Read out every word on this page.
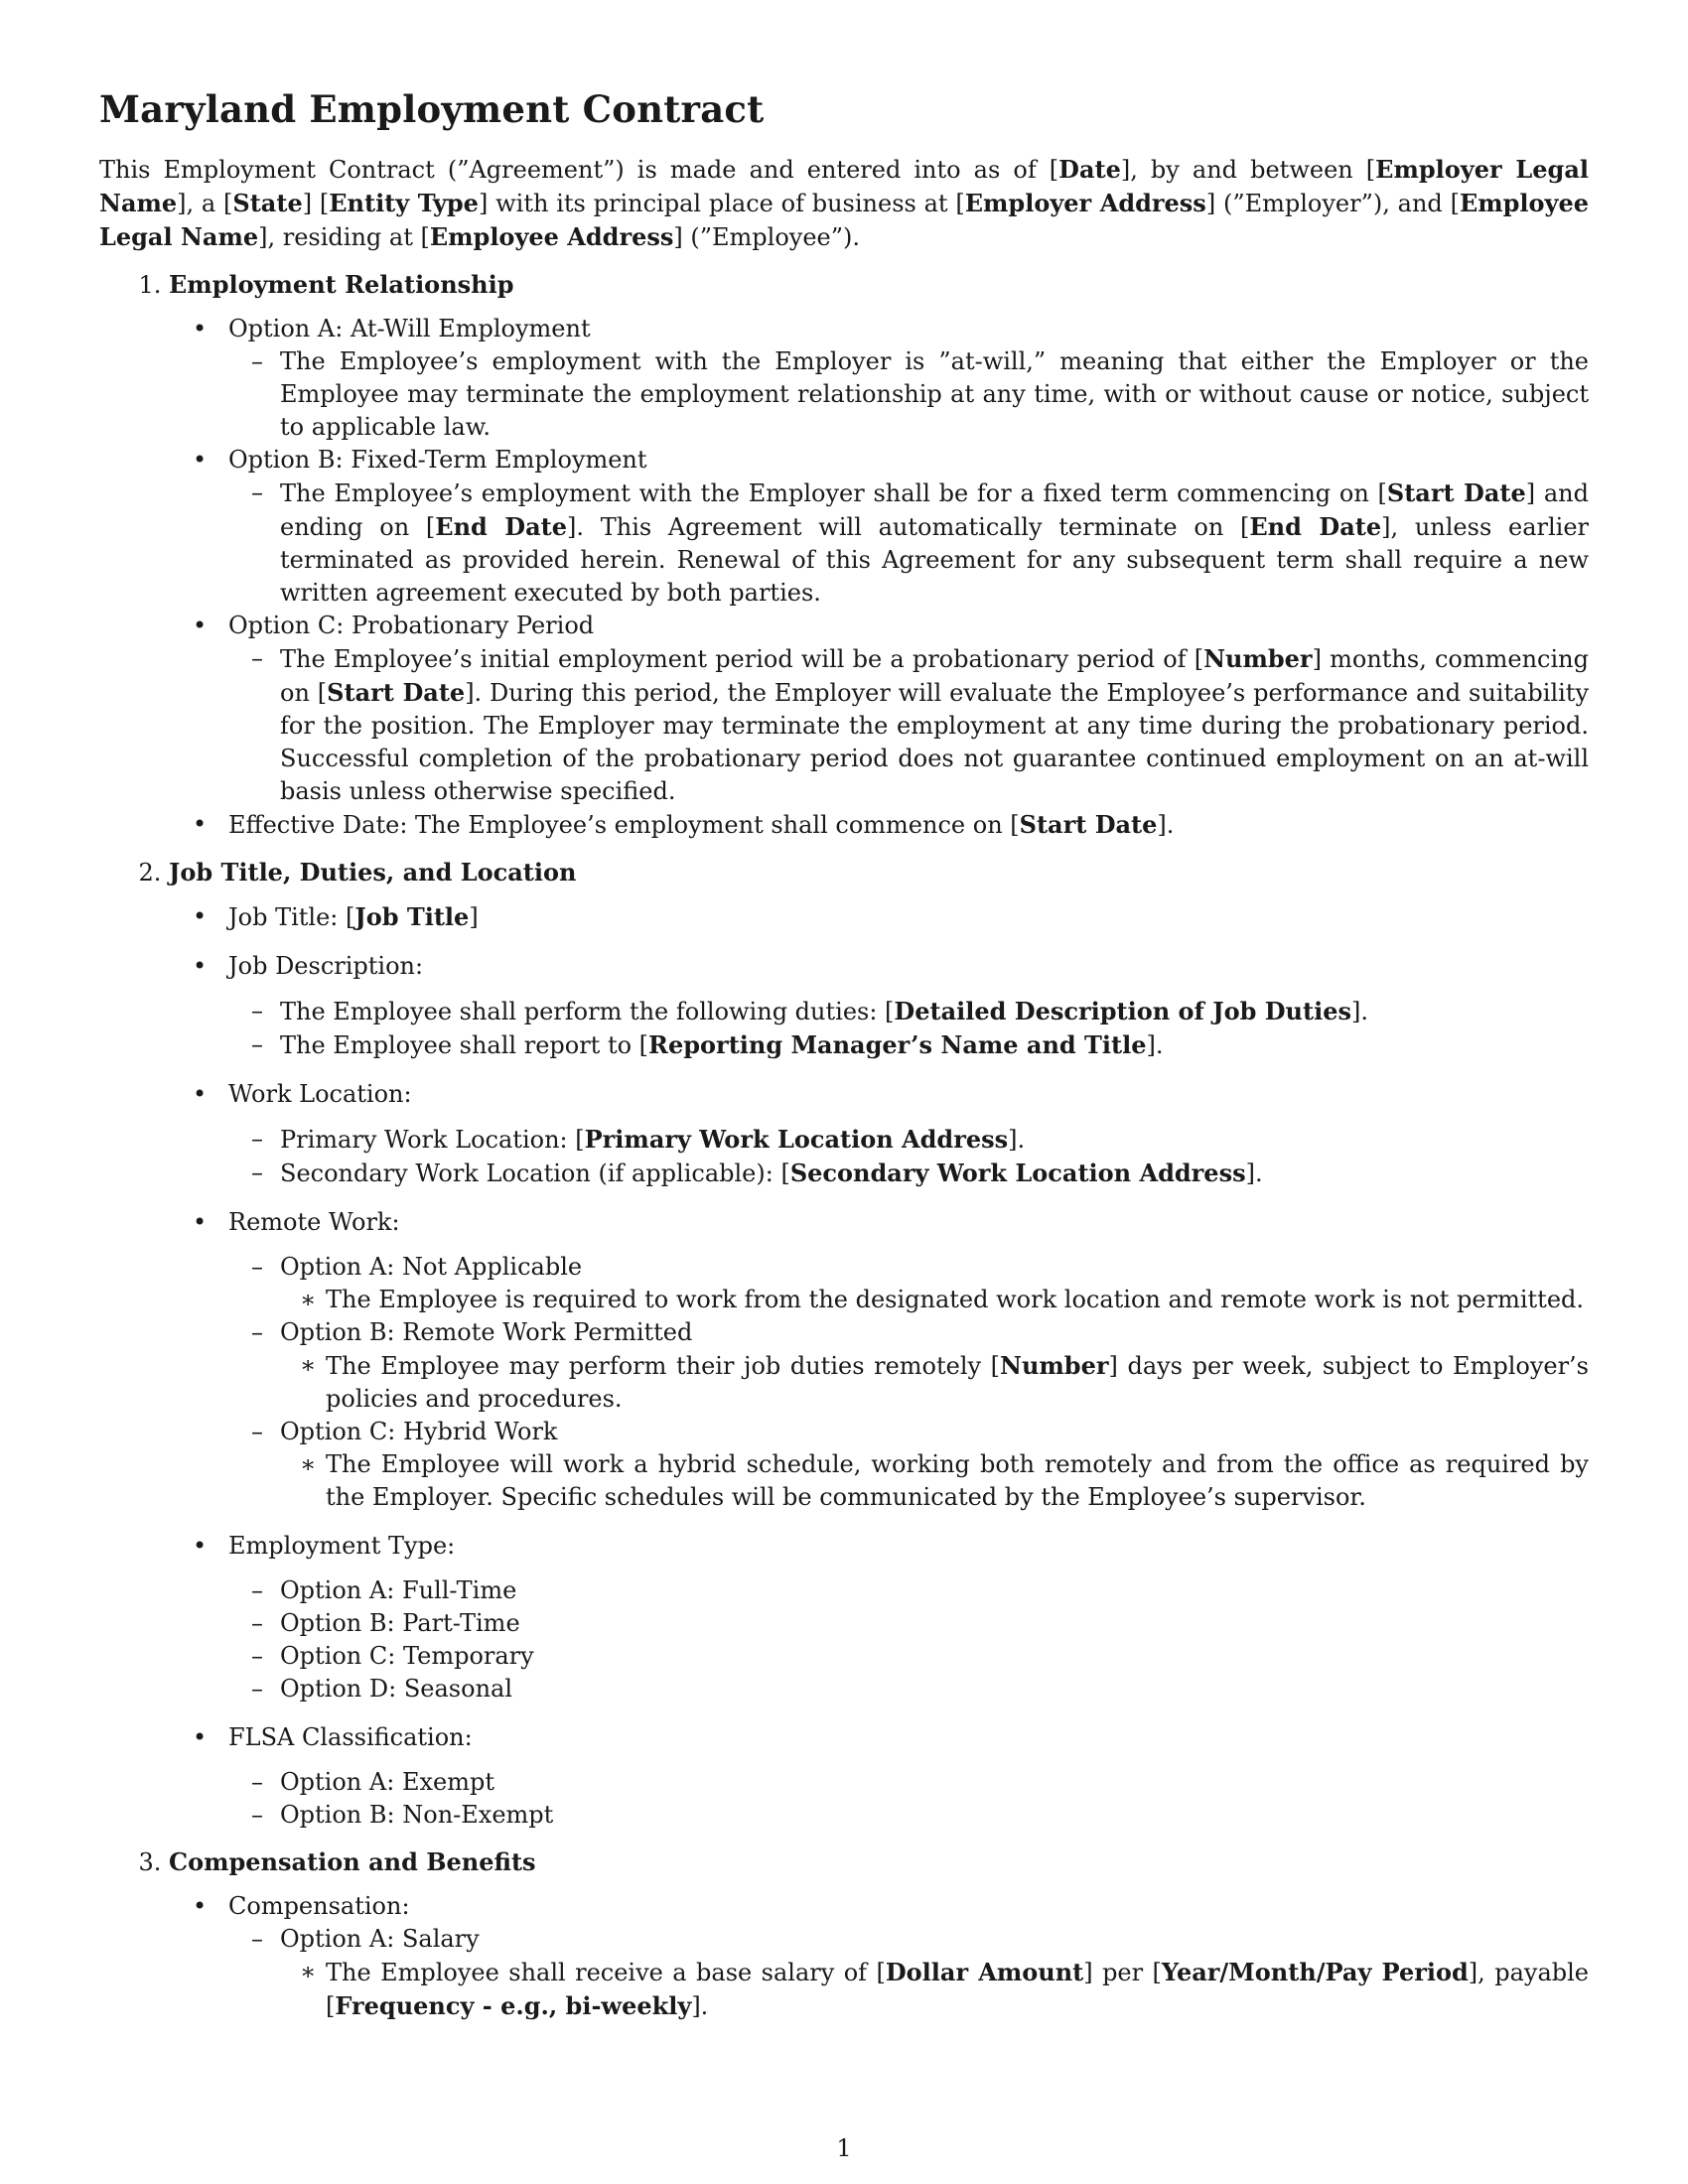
Maryland Employment Contract

This Employment Contract (”Agreement”) is made and entered into as of [Date], by and between [Employer Legal Name], a [State] [Entity Type] with its principal place of business at [Employer Address] (”Employer”), and [Employee Legal Name], residing at [Employee Address] (”Employee”).

1. Employment Relationship
• Option A: At-Will Employment
– The Employee’s employment with the Employer is ”at-will,” meaning that either the Employer or the Employee may terminate the employment relationship at any time, with or without cause or notice, subject to applicable law.
• Option B: Fixed-Term Employment
– The Employee’s employment with the Employer shall be for a fixed term commencing on [Start Date] and ending on [End Date]. This Agreement will automatically terminate on [End Date], unless earlier terminated as provided herein. Renewal of this Agreement for any subsequent term shall require a new written agreement executed by both parties.
• Option C: Probationary Period
– The Employee’s initial employment period will be a probationary period of [Number] months, commencing on [Start Date]. During this period, the Employer will evaluate the Employee’s performance and suitability for the position. The Employer may terminate the employment at any time during the probationary period. Successful completion of the probationary period does not guarantee continued employment on an at-will basis unless otherwise specified.
• Effective Date: The Employee’s employment shall commence on [Start Date].
2. Job Title, Duties, and Location
• Job Title: [Job Title]
• Job Description:
– The Employee shall perform the following duties: [Detailed Description of Job Duties].
– The Employee shall report to [Reporting Manager’s Name and Title].
• Work Location:
– Primary Work Location: [Primary Work Location Address].
– Secondary Work Location (if applicable): [Secondary Work Location Address].
• Remote Work:
– Option A: Not Applicable
∗ The Employee is required to work from the designated work location and remote work is not permitted.
– Option B: Remote Work Permitted
∗ The Employee may perform their job duties remotely [Number] days per week, subject to Employer’s policies and procedures.
– Option C: Hybrid Work
∗ The Employee will work a hybrid schedule, working both remotely and from the office as required by the Employer. Specific schedules will be communicated by the Employee’s supervisor.
• Employment Type:
– Option A: Full-Time
– Option B: Part-Time
– Option C: Temporary
– Option D: Seasonal
• FLSA Classification:
– Option A: Exempt
– Option B: Non-Exempt
3. Compensation and Benefits
• Compensation:
– Option A: Salary
∗ The Employee shall receive a base salary of [Dollar Amount] per [Year/Month/Pay Period], payable [Frequency - e.g., bi-weekly].
1
